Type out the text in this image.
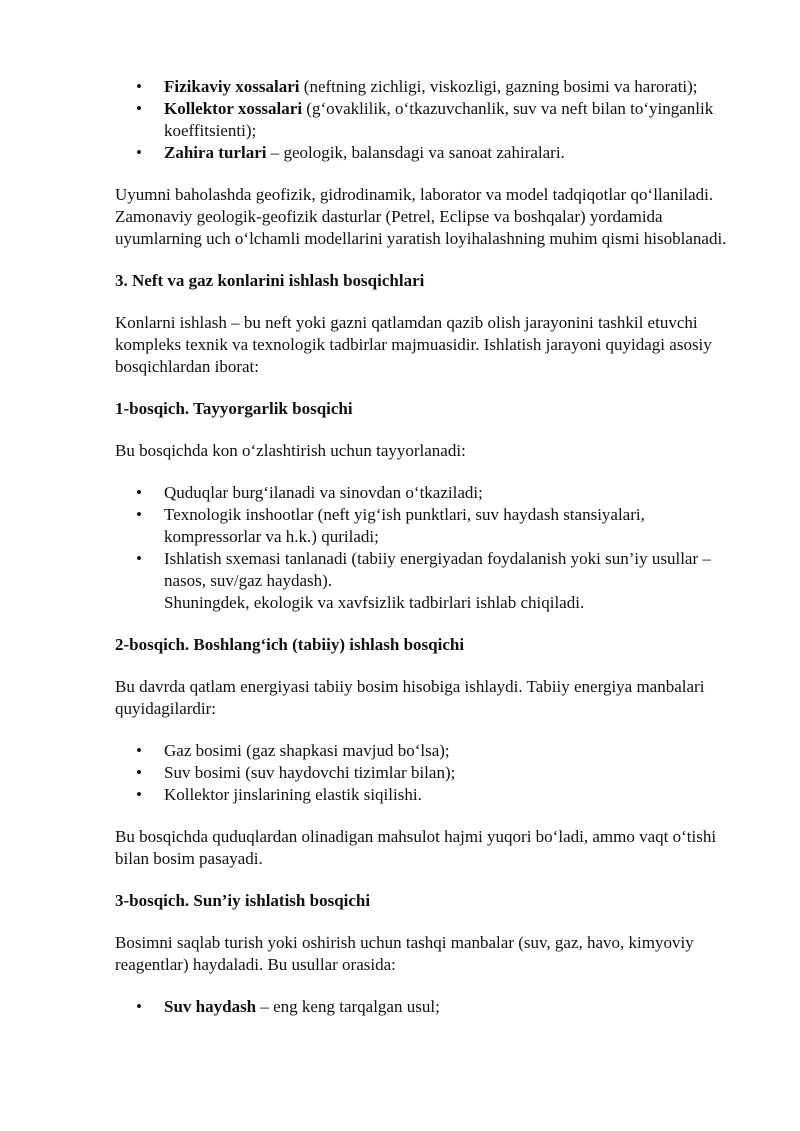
• Fizikaviy xossalari (neftning zichligi, viskozligi, gazning bosimi va harorati);
• Kollektor xossalari (g‘ovaklilik, o‘tkazuvchanlik, suv va neft bilan to‘yinganlik koeffitsienti);
• Zahira turlari – geologik, balansdagi va sanoat zahiralari.

Uyumni baholashda geofizik, gidrodinamik, laborator va model tadqiqotlar qo‘llaniladi. Zamonaviy geologik-geofizik dasturlar (Petrel, Eclipse va boshqalar) yordamida uyumlarning uch o‘lchamli modellarini yaratish loyihalashning muhim qismi hisoblanadi.

3. Neft va gaz konlarini ishlash bosqichlari

Konlarni ishlash – bu neft yoki gazni qatlamdan qazib olish jarayonini tashkil etuvchi kompleks texnik va texnologik tadbirlar majmuasidir. Ishlatish jarayoni quyidagi asosiy bosqichlardan iborat:

1-bosqich. Tayyorgarlik bosqichi

Bu bosqichda kon o‘zlashtirish uchun tayyorlanadi:

• Quduqlar burg‘ilanadi va sinovdan o‘tkaziladi;
• Texnologik inshootlar (neft yig‘ish punktlari, suv haydash stansiyalari, kompressorlar va h.k.) quriladi;
• Ishlatish sxemasi tanlanadi (tabiiy energiyadan foydalanish yoki sun’iy usullar – nasos, suv/gaz haydash).
Shuningdek, ekologik va xavfsizlik tadbirlari ishlab chiqiladi.

2-bosqich. Boshlang‘ich (tabiiy) ishlash bosqichi

Bu davrda qatlam energiyasi tabiiy bosim hisobiga ishlaydi. Tabiiy energiya manbalari quyidagilardir:

• Gaz bosimi (gaz shapkasi mavjud bo‘lsa);
• Suv bosimi (suv haydovchi tizimlar bilan);
• Kollektor jinslarining elastik siqilishi.

Bu bosqichda quduqlardan olinadigan mahsulot hajmi yuqori bo‘ladi, ammo vaqt o‘tishi bilan bosim pasayadi.

3-bosqich. Sun’iy ishlatish bosqichi

Bosimni saqlab turish yoki oshirish uchun tashqi manbalar (suv, gaz, havo, kimyoviy reagentlar) haydaladi. Bu usullar orasida:

• Suv haydash – eng keng tarqalgan usul;
